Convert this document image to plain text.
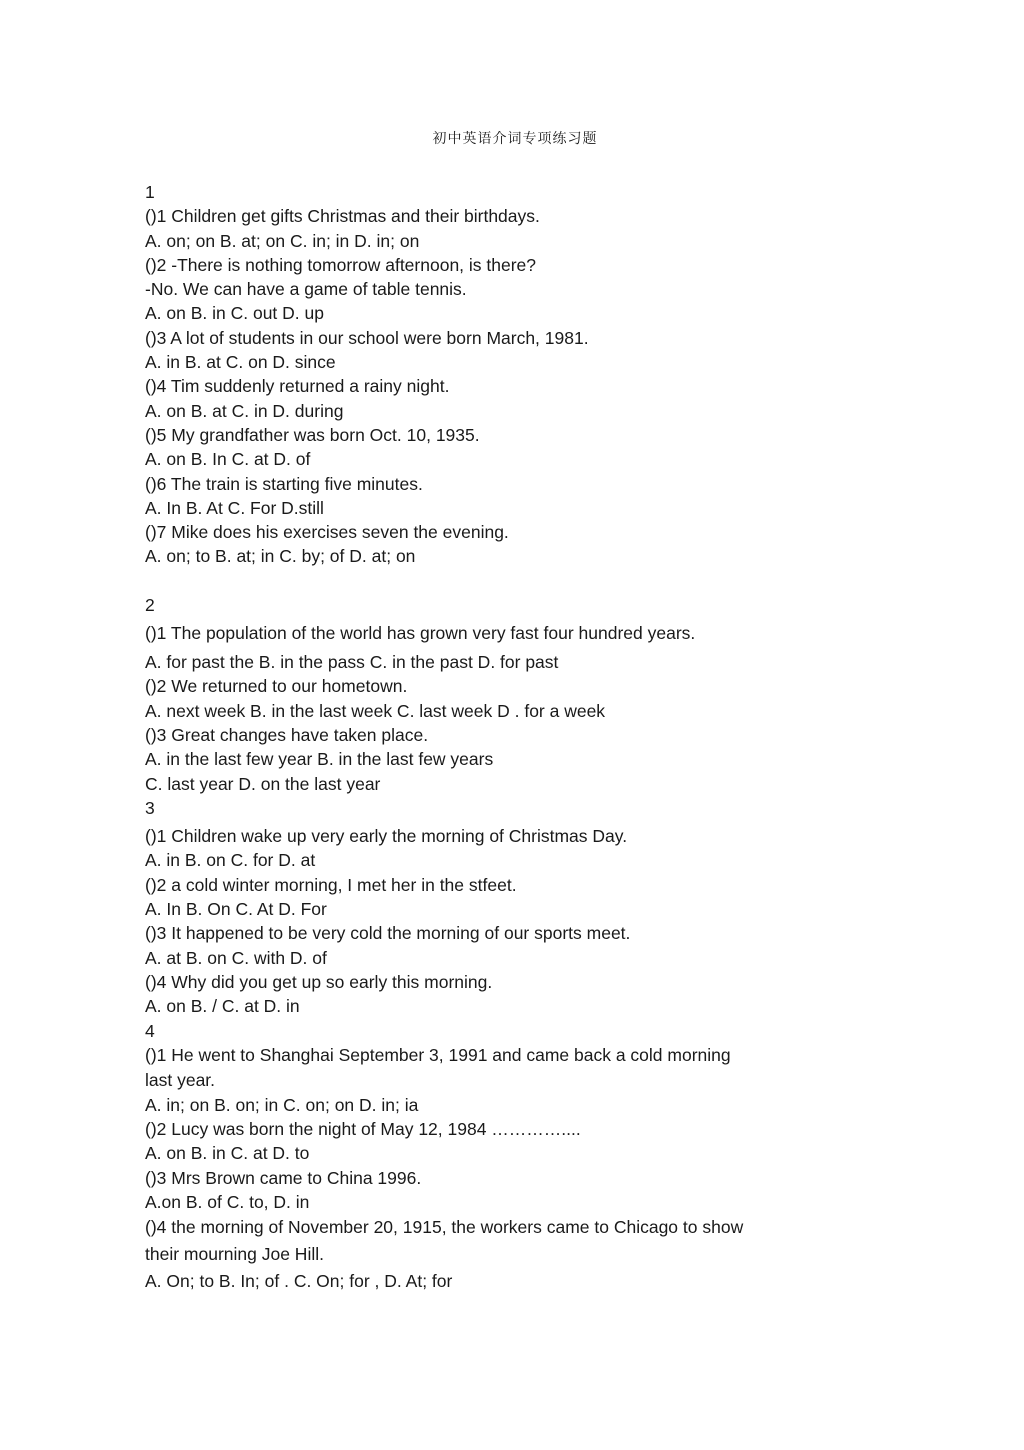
初中英语介词专项练习题
1
()1 Children get gifts Christmas and their birthdays.
A. on; on B. at; on C. in; in D. in; on
()2 -There is nothing tomorrow afternoon, is there?
-No. We can have a game of table tennis.
A. on B. in C. out D. up
()3 A lot of students in our school were born March, 1981.
A. in B. at C. on D. since
()4 Tim suddenly returned a rainy night.
A. on B. at C. in D. during
()5 My grandfather was born Oct. 10, 1935.
A. on B. In C. at D. of
()6 The train is starting five minutes.
A. In B. At C. For D.still
()7 Mike does his exercises seven the evening.
A. on; to B. at; in C. by; of D. at; on
2
()1 The population of the world has grown very fast four hundred years.
A. for past the B. in the pass C. in the past D. for past
()2 We returned to our hometown.
A. next week B. in the last week C. last week D . for a week
()3 Great changes have taken place.
A. in the last few year B. in the last few years
C. last year D. on the last year
3
()1 Children wake up very early the morning of Christmas Day.
A. in B. on C. for D. at
()2 a cold winter morning, I met her in the stfeet.
A. In B. On C. At D. For
()3 It happened to be very cold the morning of our sports meet.
A. at B. on C. with D. of
()4 Why did you get up so early this morning.
A. on B. / C. at D. in
4
()1 He went to Shanghai September 3, 1991 and came back a cold morning last year.
A. in; on B. on; in C. on; on D. in; ia
()2 Lucy was born the night of May 12, 1984 …………....
A. on B. in C. at D. to
()3 Mrs Brown came to China 1996.
A.on B. of C. to, D. in
()4 the morning of November 20, 1915, the workers came to Chicago to show their mourning Joe Hill.
A. On; to B. In; of . C. On; for , D. At; for
